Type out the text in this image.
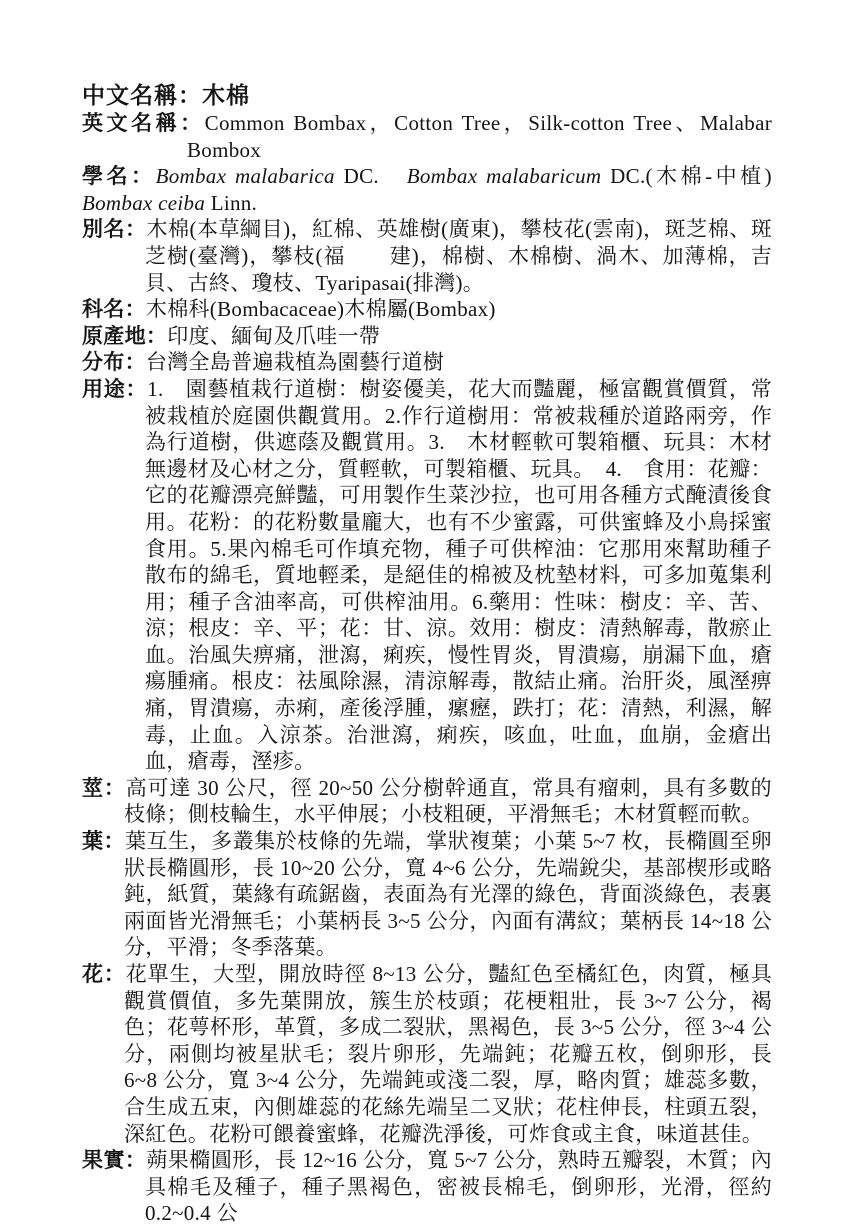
中文名稱：木棉

英文名稱：Common Bombax，Cotton Tree，Silk-cotton Tree、Malabar Bombox

學名：Bombax malabarica DC.　Bombax malabaricum DC.(木棉-中植)　Bombax ceiba Linn.

別名：木棉(本草綱目)，紅棉、英雄樹(廣東)，攀枝花(雲南)，斑芝棉、斑芝樹(臺灣)，攀枝(福　　建)，棉樹、木棉樹、渦木、加薄棉，吉貝、古終、瓊枝、Tyaripasai(排灣)。

科名：木棉科(Bombacaceae)木棉屬(Bombax)

原產地：印度、緬甸及爪哇一帶

分布：台灣全島普遍栽植為園藝行道樹

用途：1.　園藝植栽行道樹：樹姿優美，花大而豔麗，極富觀賞價質，常被栽植於庭園供觀賞用。2.作行道樹用：常被栽種於道路兩旁，作為行道樹，供遮蔭及觀賞用。3.　木材輕軟可製箱櫃、玩具：木材無邊材及心材之分，質輕軟，可製箱櫃、玩具。　4.　食用：花瓣：它的花瓣漂亮鮮豔，可用製作生菜沙拉，也可用各種方式醃漬後食用。花粉：的花粉數量龐大，也有不少蜜露，可供蜜蜂及小鳥採蜜食用。5.果內棉毛可作填充物，種子可供榨油：它那用來幫助種子散布的綿毛，質地輕柔，是絕佳的棉被及枕墊材料，可多加蒐集利用；種子含油率高，可供榨油用。6.藥用：性味：樹皮：辛、苦、涼；根皮：辛、平；花：甘、涼。效用：樹皮：清熱解毒，散瘀止血。治風失痹痛，泄瀉，痢疾，慢性胃炎，胃潰瘍，崩漏下血，瘡瘍腫痛。根皮：祛風除濕，清涼解毒，散結止痛。治肝炎，風溼痹痛，胃潰瘍，赤痢，產後浮腫，瘰癧，跌打；花：清熱，利濕，解毒，止血。入涼茶。治泄瀉，痢疾，咳血，吐血，血崩，金瘡出血，瘡毒，溼疹。

莖：高可達 30 公尺，徑 20~50 公分樹幹通直，常具有瘤刺，具有多數的枝條；側枝輪生，水平伸展；小枝粗硬，平滑無毛；木材質輕而軟。

葉：葉互生，多叢集於枝條的先端，掌狀複葉；小葉 5~7 枚，長橢圓至卵狀長橢圓形，長 10~20 公分，寬 4~6 公分，先端銳尖，基部楔形或略鈍，紙質，葉緣有疏鋸齒，表面為有光澤的綠色，背面淡綠色，表裏兩面皆光滑無毛；小葉柄長 3~5 公分，內面有溝紋；葉柄長 14~18 公分，平滑；冬季落葉。

花：花單生，大型，開放時徑 8~13 公分，豔紅色至橘紅色，肉質，極具觀賞價值，多先葉開放，簇生於枝頭；花梗粗壯，長 3~7 公分，褐色；花萼杯形，革質，多成二裂狀，黑褐色，長 3~5 公分，徑 3~4 公分，兩側均被星狀毛；裂片卵形，先端鈍；花瓣五枚，倒卵形，長 6~8 公分，寬 3~4 公分，先端鈍或淺二裂，厚，略肉質；雄蕊多數，合生成五束，內側雄蕊的花絲先端呈二叉狀；花柱伸長，柱頭五裂，深紅色。花粉可餵養蜜蜂，花瓣洗淨後，可炸食或主食，味道甚佳。

果實：蒴果橢圓形，長 12~16 公分，寬 5~7 公分，熟時五瓣裂，木質；內具棉毛及種子，種子黑褐色，密被長棉毛，倒卵形，光滑，徑約 0.2~0.4 公
